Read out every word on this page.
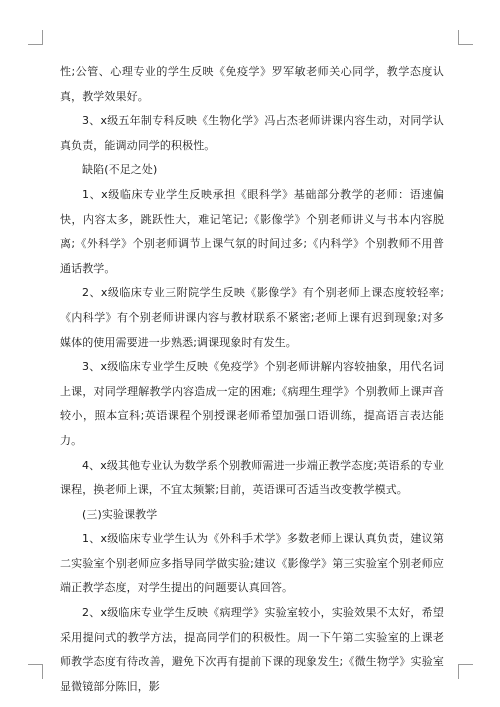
性;公管、心理专业的学生反映《免疫学》罗军敏老师关心同学，教学态度认真，教学效果好。

3、x级五年制专科反映《生物化学》冯占杰老师讲课内容生动，对同学认真负责，能调动同学的积极性。

缺陷(不足之处)

1、x级临床专业学生反映承担《眼科学》基础部分教学的老师：语速偏快，内容太多，跳跃性大，难记笔记;《影像学》个别老师讲义与书本内容脱离;《外科学》个别老师调节上课气氛的时间过多;《内科学》个别教师不用普通话教学。

2、x级临床专业三附院学生反映《影像学》有个别老师上课态度较轻率;《内科学》有个别老师讲课内容与教材联系不紧密;老师上课有迟到现象;对多媒体的使用需要进一步熟悉;调课现象时有发生。

3、x级临床专业学生反映《免疫学》个别老师讲解内容较抽象，用代名词上课，对同学理解教学内容造成一定的困难;《病理生理学》个别教师上课声音较小，照本宣科;英语课程个别授课老师希望加强口语训练，提高语言表达能力。

4、x级其他专业认为数学系个别教师需进一步端正教学态度;英语系的专业课程，换老师上课，不宜太频繁;目前，英语课可否适当改变教学模式。

(三)实验课教学

1、x级临床专业学生认为《外科手术学》多数老师上课认真负责，建议第二实验室个别老师应多指导同学做实验;建议《影像学》第三实验室个别老师应端正教学态度，对学生提出的问题要认真回答。

2、x级临床专业学生反映《病理学》实验室较小，实验效果不太好，希望采用提问式的教学方法，提高同学们的积极性。周一下午第二实验室的上课老师教学态度有待改善，避免下次再有提前下课的现象发生;《微生物学》实验室显微镜部分陈旧，影
